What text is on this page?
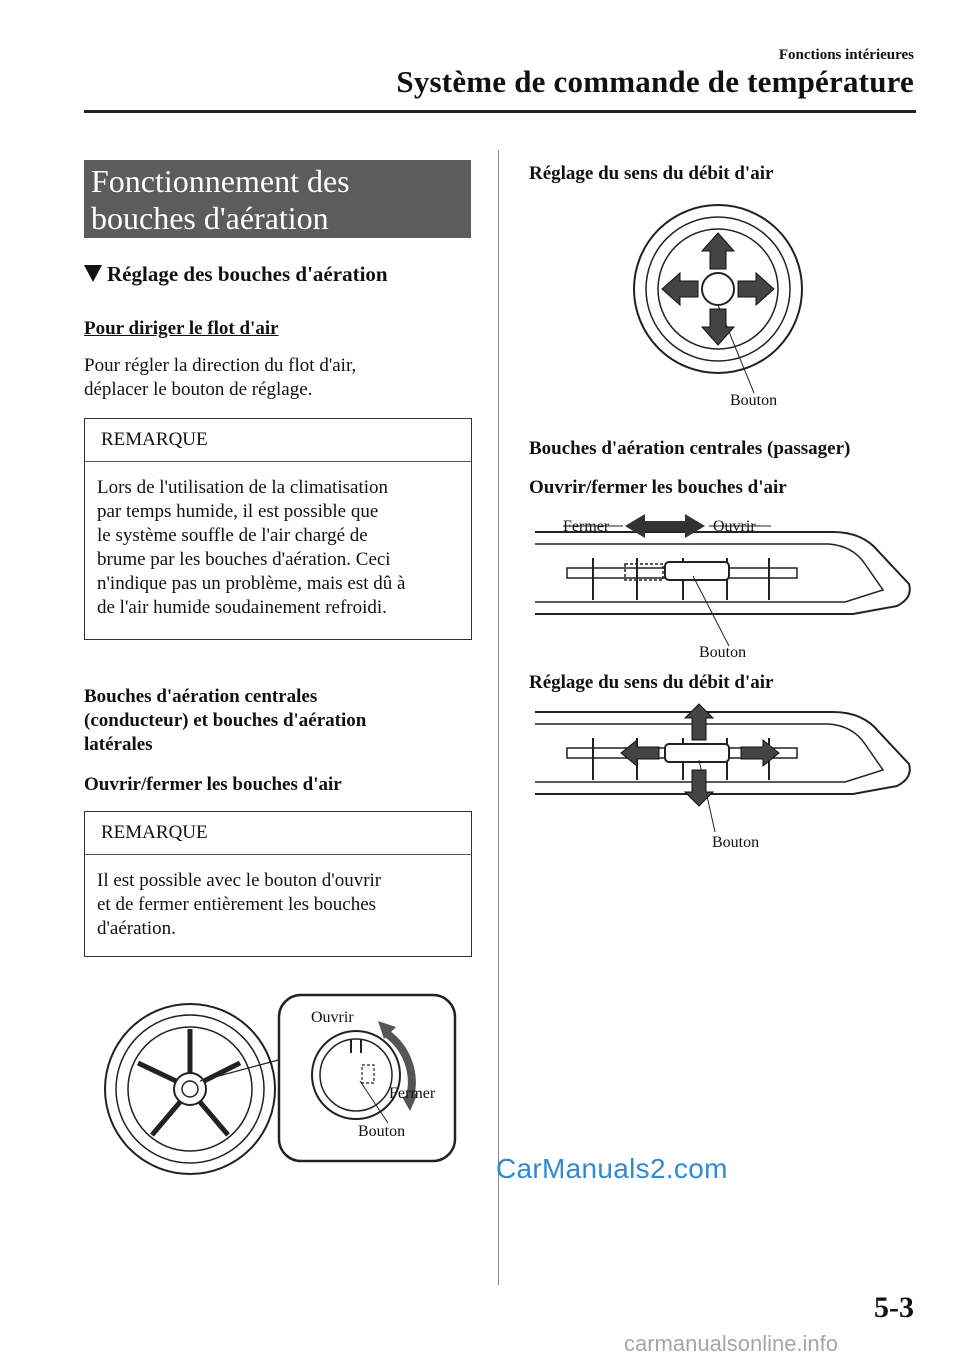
Fonctions intérieures
Système de commande de température
Fonctionnement des
bouches d'aération
Réglage des bouches d'aération
Pour diriger le flot d'air
Pour régler la direction du flot d'air,
déplacer le bouton de réglage.
REMARQUE
Lors de l'utilisation de la climatisation
par temps humide, il est possible que
le système souffle de l'air chargé de
brume par les bouches d'aération. Ceci
n'indique pas un problème, mais est dû à
de l'air humide soudainement refroidi.
Bouches d'aération centrales
(conducteur) et bouches d'aération
latérales
Ouvrir/fermer les bouches d'air
REMARQUE
Il est possible avec le bouton d'ouvrir
et de fermer entièrement les bouches
d'aération.
Ouvrir
Fermer
Bouton
Réglage du sens du débit d'air
Bouton
Bouches d'aération centrales (passager)
Ouvrir/fermer les bouches d'air
Fermer	Ouvrir
Bouton
Réglage du sens du débit d'air
Bouton
CarManuals2.com
5-3
carmanualsonline.info
